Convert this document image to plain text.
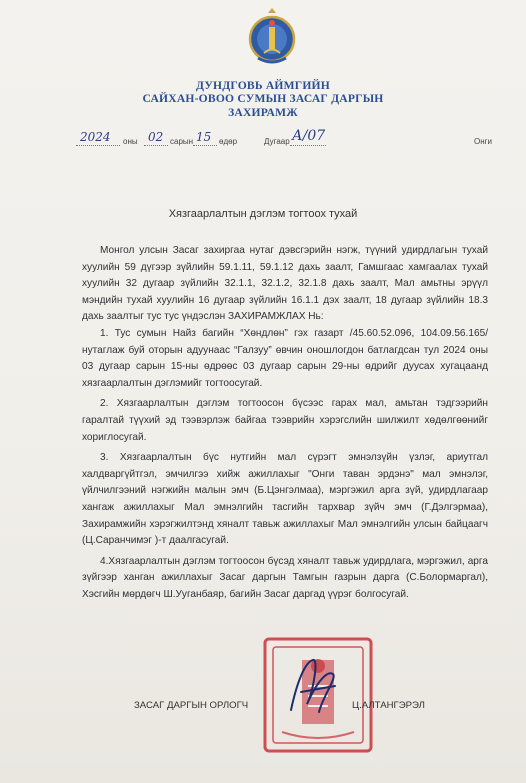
ДУНДГОВЬ АЙМГИЙН
САЙХАН-ОВОО СУМЫН ЗАСАГ ДАРГЫН
ЗАХИРАМЖ
2024 оны 02 сарын 15 өдөр	Дугаар А/07	Онги
Хязгаарлалтын дэглэм тогтоох тухай

Монгол улсын Засаг захиргаа нутаг дэвсгэрийн нэгж, түүний удирдлагын тухай хуулийн 59 дүгээр зүйлийн 59.1.11, 59.1.12 дахь заалт, Гамшгаас хамгаалах тухай хуулийн 32 дугаар зүйлийн 32.1.1, 32.1.2, 32.1.8 дахь заалт, Мал амьтны эрүүл мэндийн тухай хуулийн 16 дугаар зүйлийн 16.1.1 дэх заалт, 18 дугаар зүйлийн 18.3 дахь заалтыг тус тус үндэслэн ЗАХИРАМЖЛАХ Нь:

1. Тус сумын Найз багийн “Хөндлөн” гэх газарт /45.60.52.096, 104.09.56.165/ нутаглаж буй оторын адуунаас “Галзуу” өвчин оношлогдон батлагдсан тул 2024 оны 03 дугаар сарын 15-ны өдрөөс 03 дугаар сарын 29-ны өдрийг дуусах хугацаанд хязгаарлалтын дэглэмийг тогтоосугай.

2. Хязгаарлалтын дэглэм тогтоосон бүсээс гарах мал, амьтан тэдгээрийн гаралтай түүхий эд тээвэрлэж байгаа тээврийн хэрэгслийн шилжилт хөдөлгөөнийг хориглосугай.

3. Хязгаарлалтын бүс нутгийн мал сүрэгт эмнэлзүйн үзлэг, ариутгал халдваргүйтгэл, эмчилгээ хийж ажиллахыг "Онги таван эрдэнэ" мал эмнэлэг, үйлчилгээний нэгжийн малын эмч (Б.Цэнгэлмаа), мэргэжил арга зүй, удирдлагаар хангаж ажиллахыг Мал эмнэлгийн тасгийн тархвар зүйч эмч (Г.Дэлгэрмаа), Захирамжийн хэрэгжилтэнд хяналт тавьж ажиллахыг Мал эмнэлгийн улсын байцаагч (Ц.Саранчимэг )-т даалгасугай.

4.Хязгаарлалтын дэглэм тогтоосон бүсэд хяналт тавьж удирдлага, мэргэжил, арга зүйгээр ханган ажиллахыг Засаг даргын Тамгын газрын дарга (С.Болормаргал), Хэсгийн мөрдөгч Ш.Ууганбаяр, багийн Засаг даргад үүрэг болгосугай.

ЗАСАГ ДАРГЫН ОРЛОГЧ	Ц.АЛТАНГЭРЭЛ
